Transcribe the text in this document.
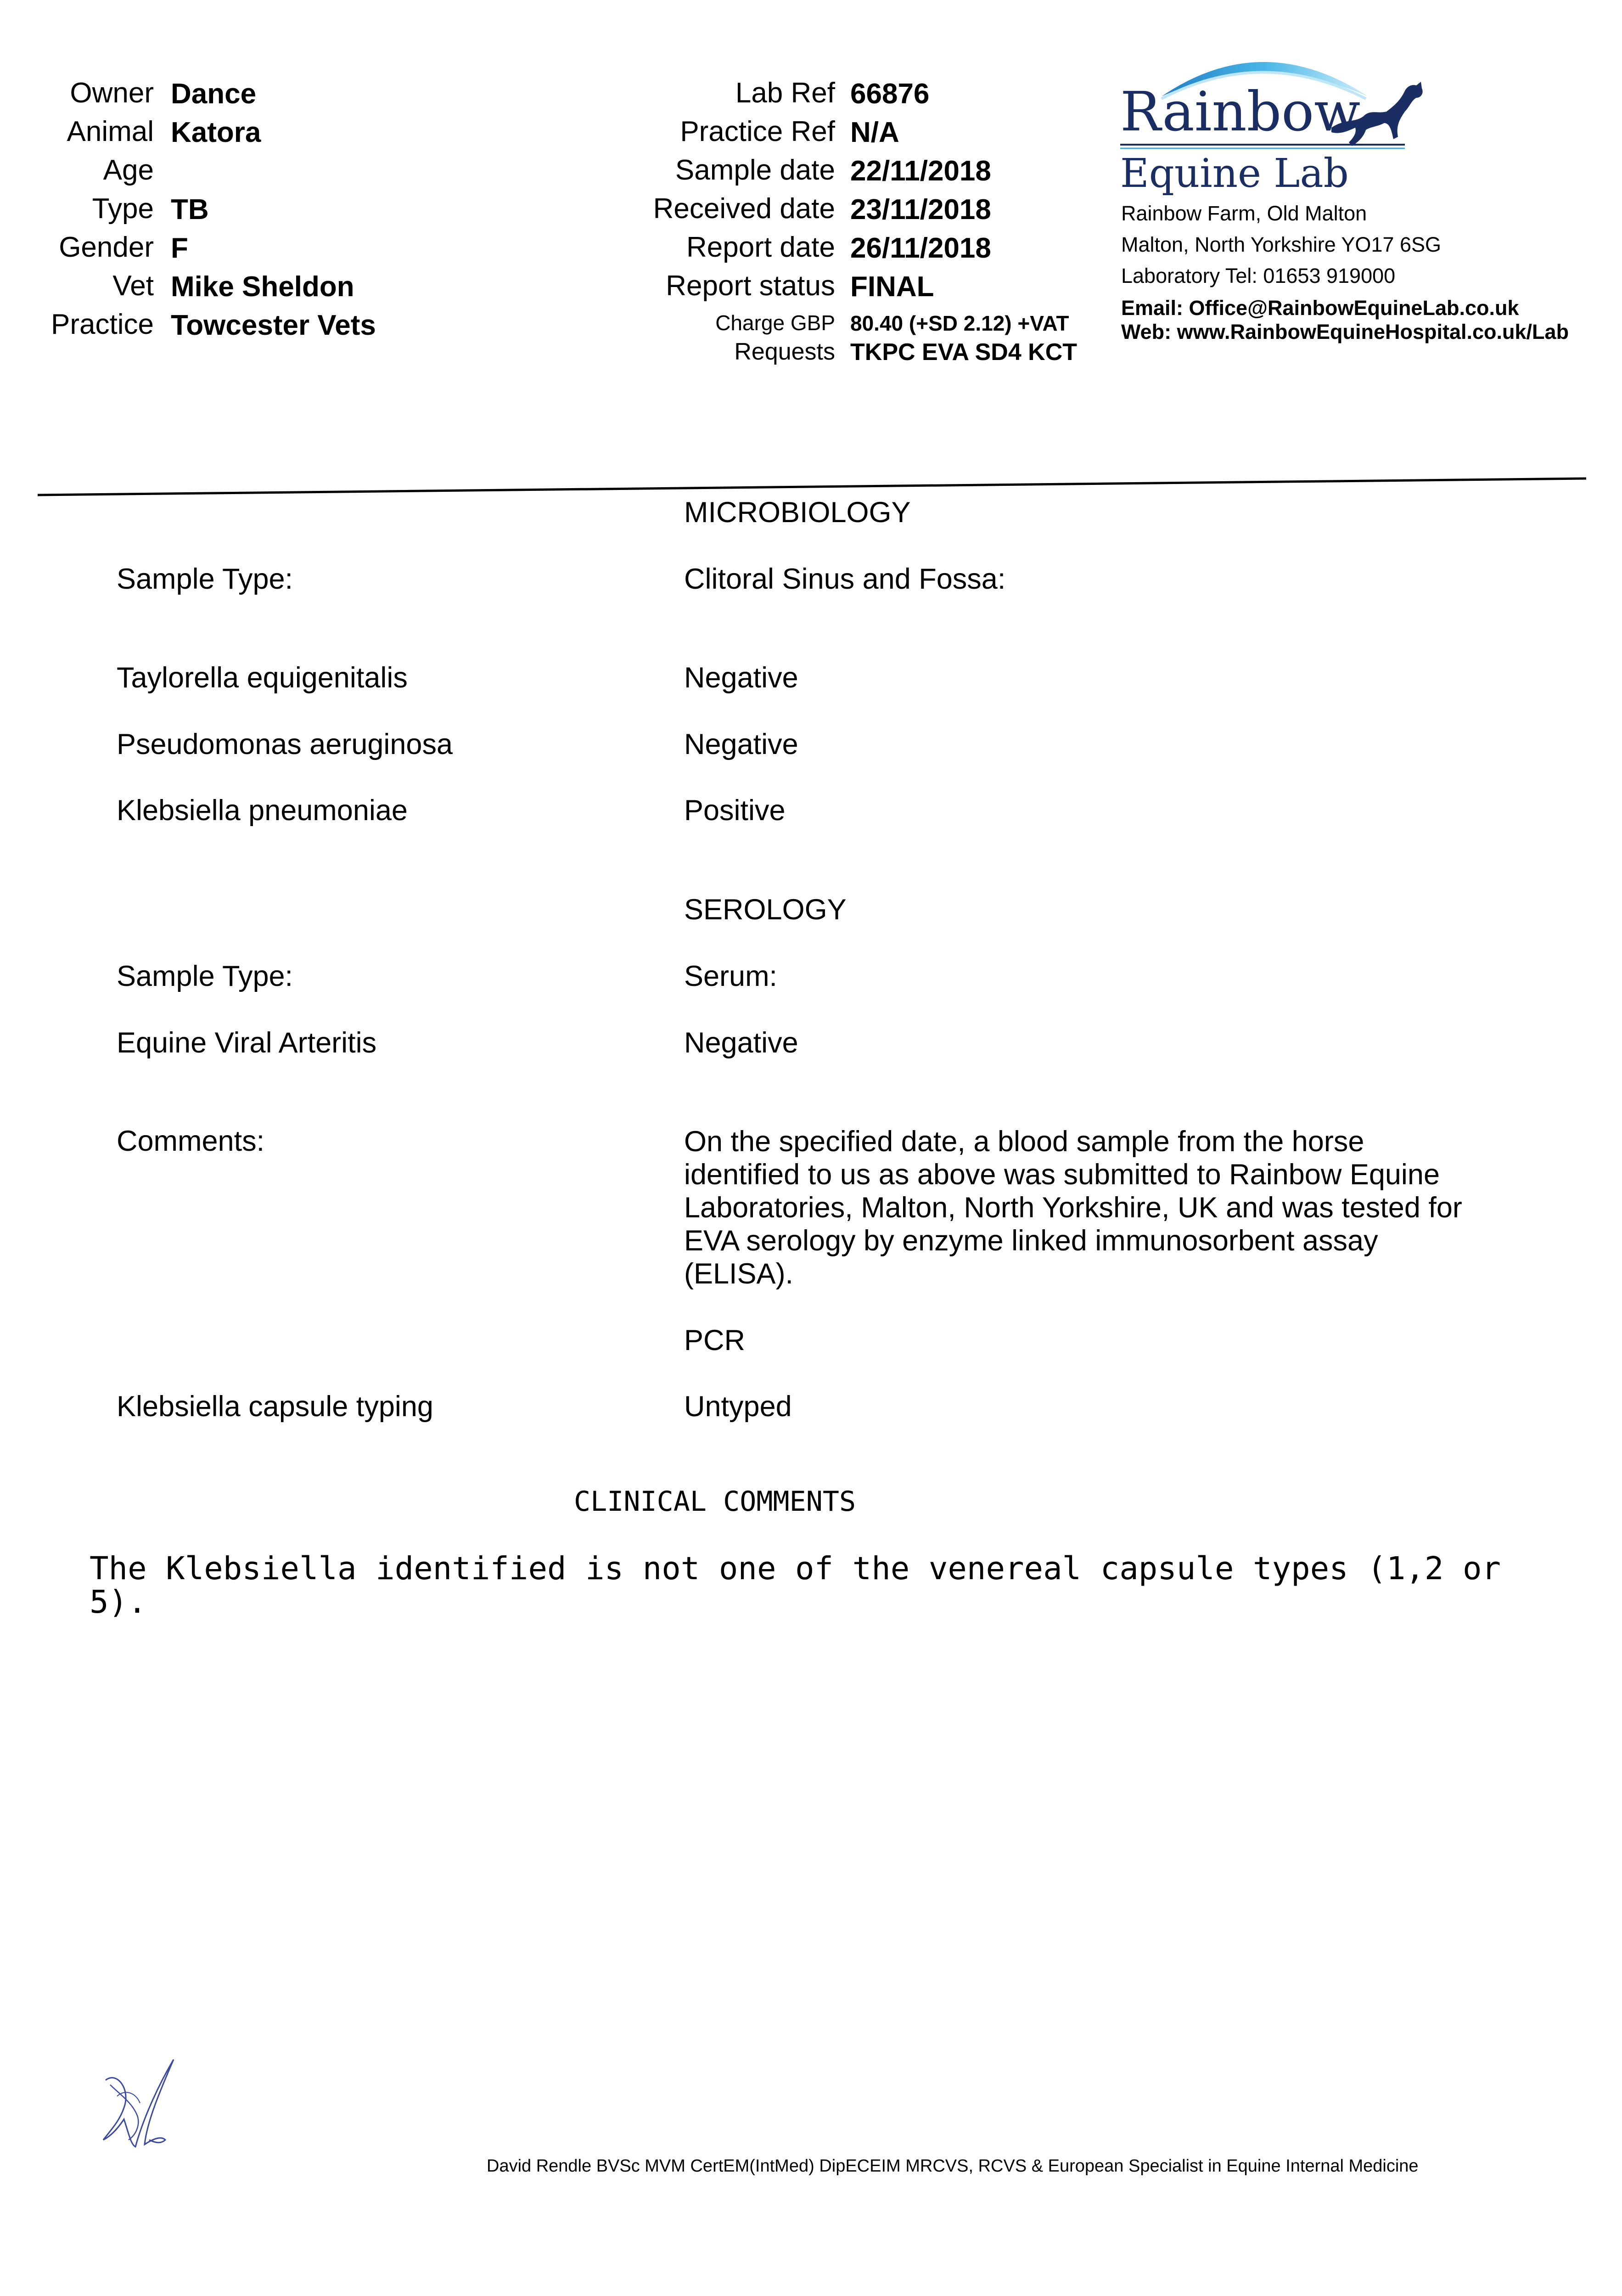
Owner Dance
Animal Katora
Age
Type TB
Gender F
Vet Mike Sheldon
Practice Towcester Vets
Lab Ref 66876
Practice Ref N/A
Sample date 22/11/2018
Received date 23/11/2018
Report date 26/11/2018
Report status FINAL
Charge GBP 80.40 (+SD 2.12) +VAT
Requests TKPC EVA SD4 KCT
Rainbow
Equine Lab
Rainbow Farm, Old Malton
Malton, North Yorkshire YO17 6SG
Laboratory Tel: 01653 919000
Email: Office@RainbowEquineLab.co.uk
Web: www.RainbowEquineHospital.co.uk/Lab
MICROBIOLOGY
Sample Type:	Clitoral Sinus and Fossa:
Taylorella equigenitalis	Negative
Pseudomonas aeruginosa	Negative
Klebsiella pneumoniae	Positive
SEROLOGY
Sample Type:	Serum:
Equine Viral Arteritis	Negative
Comments:	On the specified date, a blood sample from the horse identified to us as above was submitted to Rainbow Equine Laboratories, Malton, North Yorkshire, UK and was tested for EVA serology by enzyme linked immunosorbent assay (ELISA).
PCR
Klebsiella capsule typing	Untyped
CLINICAL COMMENTS
The Klebsiella identified is not one of the venereal capsule types (1,2 or
5).
David Rendle BVSc MVM CertEM(IntMed) DipECEIM MRCVS, RCVS & European Specialist in Equine Internal Medicine
